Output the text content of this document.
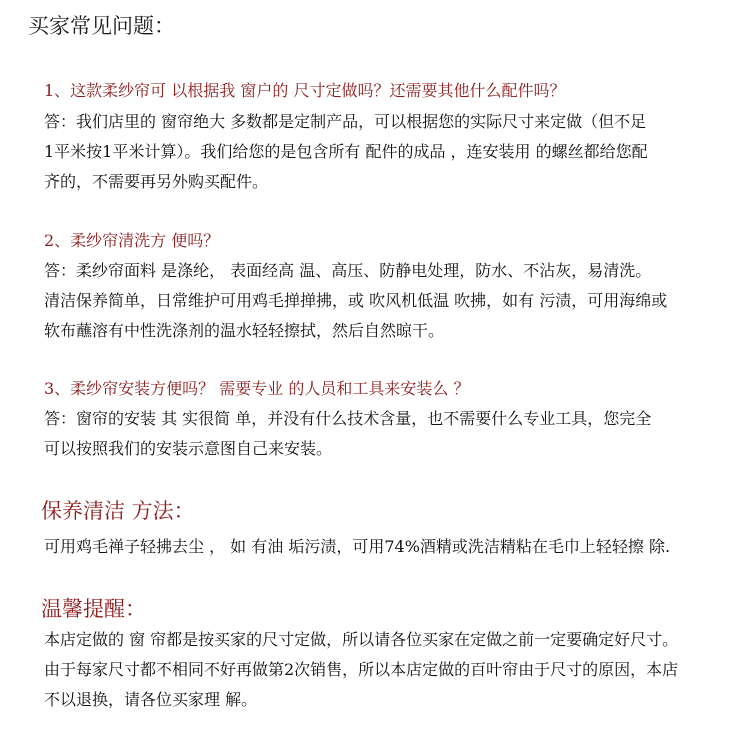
买家常见问题：
1、这款柔纱帘可 以根据我 窗户的 尺寸定做吗？还需要其他什么配件吗？
答：我们店里的 窗帘绝大 多数都是定制产品，可以根据您的实际尺寸来定做（但不足
1平米按1平米计算）。我们给您的是包含所有 配件的成品 ，连安装用 的螺丝都给您配
齐的，不需要再另外购买配件。
2、柔纱帘清洗方 便吗？
答：柔纱帘面料 是涤纶， 表面经高 温、高压、防静电处理，防水、不沾灰，易清洗。
清洁保养简单，日常维护可用鸡毛掸掸拂，或 吹风机低温 吹拂，如有 污渍，可用海绵或
软布蘸溶有中性洗涤剂的温水轻轻擦拭，然后自然晾干。
3、柔纱帘安装方便吗？ 需要专业 的人员和工具来安装么 ？
答：窗帘的安装 其 实很简 单，并没有什么技术含量，也不需要什么专业工具，您完全
可以按照我们的安装示意图自己来安装。
保养清洁 方法：
可用鸡毛禅子轻拂去尘 ， 如 有油 垢污渍，可用74%酒精或洗洁精粘在毛巾上轻轻擦 除.
温馨提醒：
本店定做的 窗 帘都是按买家的尺寸定做，所以请各位买家在定做之前一定要确定好尺寸。
由于每家尺寸都不相同不好再做第2次销售，所以本店定做的百叶帘由于尺寸的原因，本店
不以退换，请各位买家理 解。
